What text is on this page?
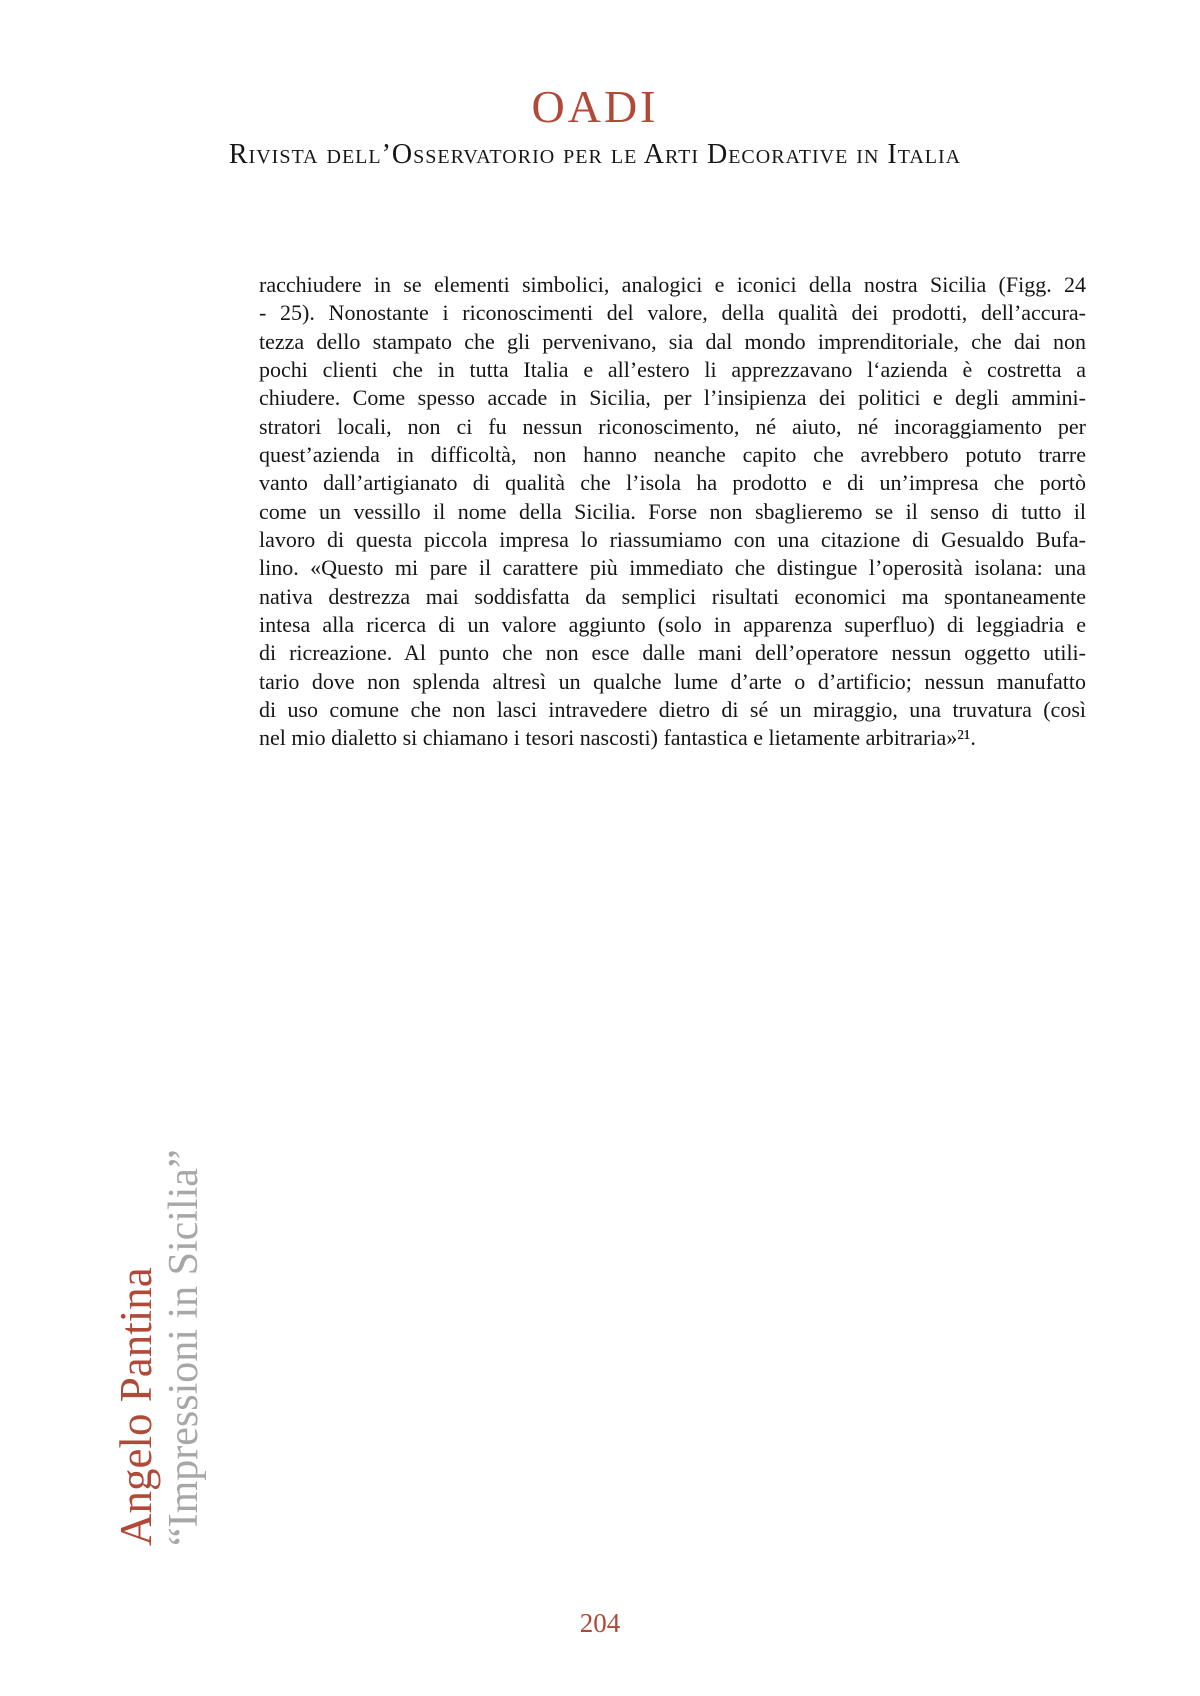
OADI
Rivista dell’Osservatorio per le Arti Decorative in Italia
racchiudere in se elementi simbolici, analogici e iconici della nostra Sicilia (Figg. 24
- 25). Nonostante i riconoscimenti del valore, della qualità dei prodotti, dell’accura-
tezza dello stampato che gli pervenivano, sia dal mondo imprenditoriale, che dai non
pochi clienti che in tutta Italia e all’estero li apprezzavano l‘azienda è costretta a
chiudere. Come spesso accade in Sicilia, per l’insipienza dei politici e degli ammini-
stratori locali, non ci fu nessun riconoscimento, né aiuto, né incoraggiamento per
quest’azienda in difficoltà, non hanno neanche capito che avrebbero potuto trarre
vanto dall’artigianato di qualità che l’isola ha prodotto e di un’impresa che portò
come un vessillo il nome della Sicilia. Forse non sbaglieremo se il senso di tutto il
lavoro di questa piccola impresa lo riassumiamo con una citazione di Gesualdo Bufa-
lino. «Questo mi pare il carattere più immediato che distingue l’operosità isolana: una
nativa destrezza mai soddisfatta da semplici risultati economici ma spontaneamente
intesa alla ricerca di un valore aggiunto (solo in apparenza superfluo) di leggiadria e
di ricreazione. Al punto che non esce dalle mani dell’operatore nessun oggetto utili-
tario dove non splenda altresì un qualche lume d’arte o d’artificio; nessun manufatto
di uso comune che non lasci intravedere dietro di sé un miraggio, una truvatura (così
nel mio dialetto si chiamano i tesori nascosti) fantastica e lietamente arbitraria»²¹.
Angelo Pantina “Impressioni in Sicilia”
204
